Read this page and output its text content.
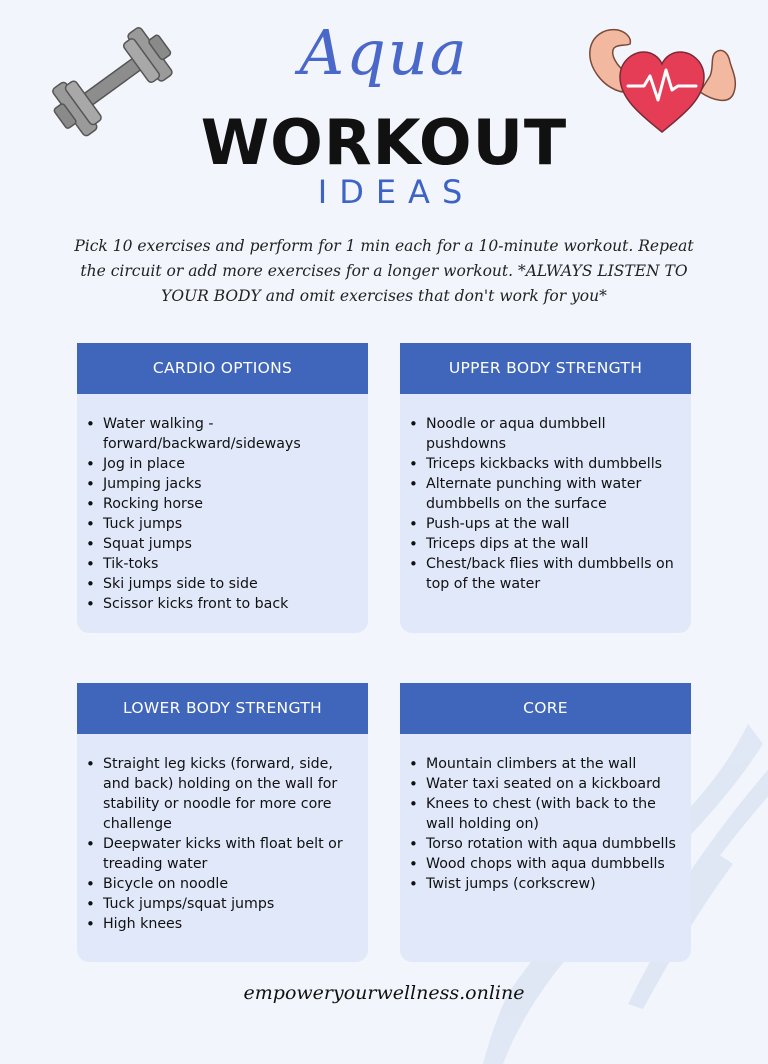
Aqua
WORKOUT
IDEAS
Pick 10 exercises and perform for 1 min each for a 10-minute workout. Repeat the circuit or add more exercises for a longer workout. *ALWAYS LISTEN TO YOUR BODY and omit exercises that don't work for you*
CARDIO OPTIONS
• Water walking - forward/backward/sideways
• Jog in place
• Jumping jacks
• Rocking horse
• Tuck jumps
• Squat jumps
• Tik-toks
• Ski jumps side to side
• Scissor kicks front to back
UPPER BODY STRENGTH
• Noodle or aqua dumbbell pushdowns
• Triceps kickbacks with dumbbells
• Alternate punching with water dumbbells on the surface
• Push-ups at the wall
• Triceps dips at the wall
• Chest/back flies with dumbbells on top of the water
LOWER BODY STRENGTH
• Straight leg kicks (forward, side, and back) holding on the wall for stability or noodle for more core challenge
• Deepwater kicks with float belt or treading water
• Bicycle on noodle
• Tuck jumps/squat jumps
• High knees
CORE
• Mountain climbers at the wall
• Water taxi seated on a kickboard
• Knees to chest (with back to the wall holding on)
• Torso rotation with aqua dumbbells
• Wood chops with aqua dumbbells
• Twist jumps (corkscrew)
empoweryourwellness.online
